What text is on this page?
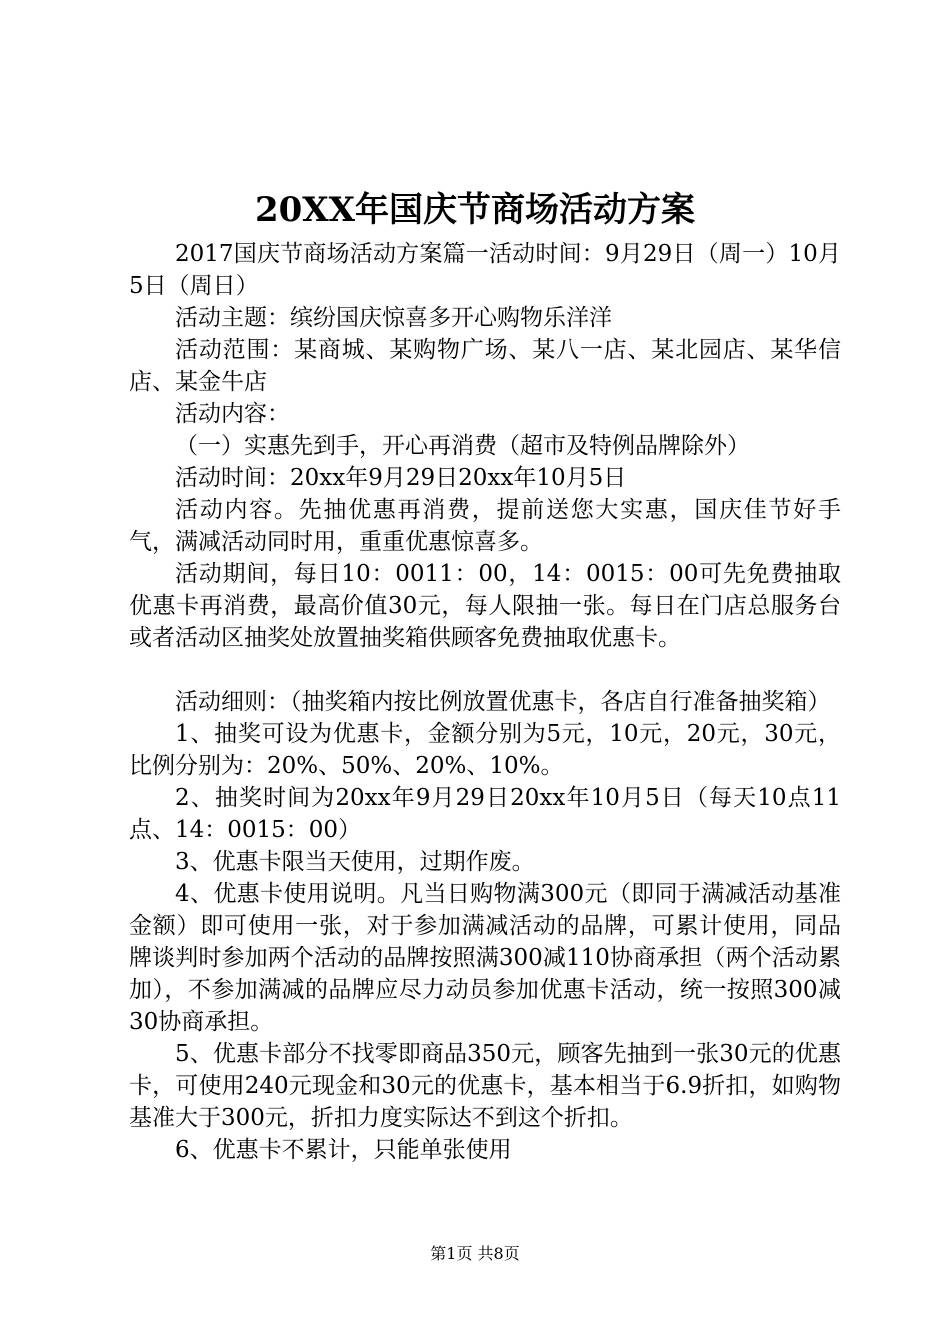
20XX年国庆节商场活动方案

2017国庆节商场活动方案篇一活动时间：9月29日（周一）10月5日（周日）

活动主题：缤纷国庆惊喜多开心购物乐洋洋

活动范围：某商城、某购物广场、某八一店、某北园店、某华信店、某金牛店

活动内容：

（一）实惠先到手，开心再消费（超市及特例品牌除外）

活动时间：20xx年9月29日20xx年10月5日

活动内容。先抽优惠再消费，提前送您大实惠，国庆佳节好手气，满减活动同时用，重重优惠惊喜多。

活动期间，每日10：0011：00，14：0015：00可先免费抽取优惠卡再消费，最高价值30元，每人限抽一张。每日在门店总服务台或者活动区抽奖处放置抽奖箱供顾客免费抽取优惠卡。

活动细则：（抽奖箱内按比例放置优惠卡，各店自行准备抽奖箱）

1、抽奖可设为优惠卡，金额分别为5元，10元，20元，30元，比例分别为：20%、50%、20%、10%。

2、抽奖时间为20xx年9月29日20xx年10月5日（每天10点11点、14：0015：00）

3、优惠卡限当天使用，过期作废。

4、优惠卡使用说明。凡当日购物满300元（即同于满减活动基准金额）即可使用一张，对于参加满减活动的品牌，可累计使用，同品牌谈判时参加两个活动的品牌按照满300减110协商承担（两个活动累加），不参加满减的品牌应尽力动员参加优惠卡活动，统一按照300减30协商承担。

5、优惠卡部分不找零即商品350元，顾客先抽到一张30元的优惠卡，可使用240元现金和30元的优惠卡，基本相当于6.9折扣，如购物基准大于300元，折扣力度实际达不到这个折扣。

6、优惠卡不累计，只能单张使用

第1页 共8页
